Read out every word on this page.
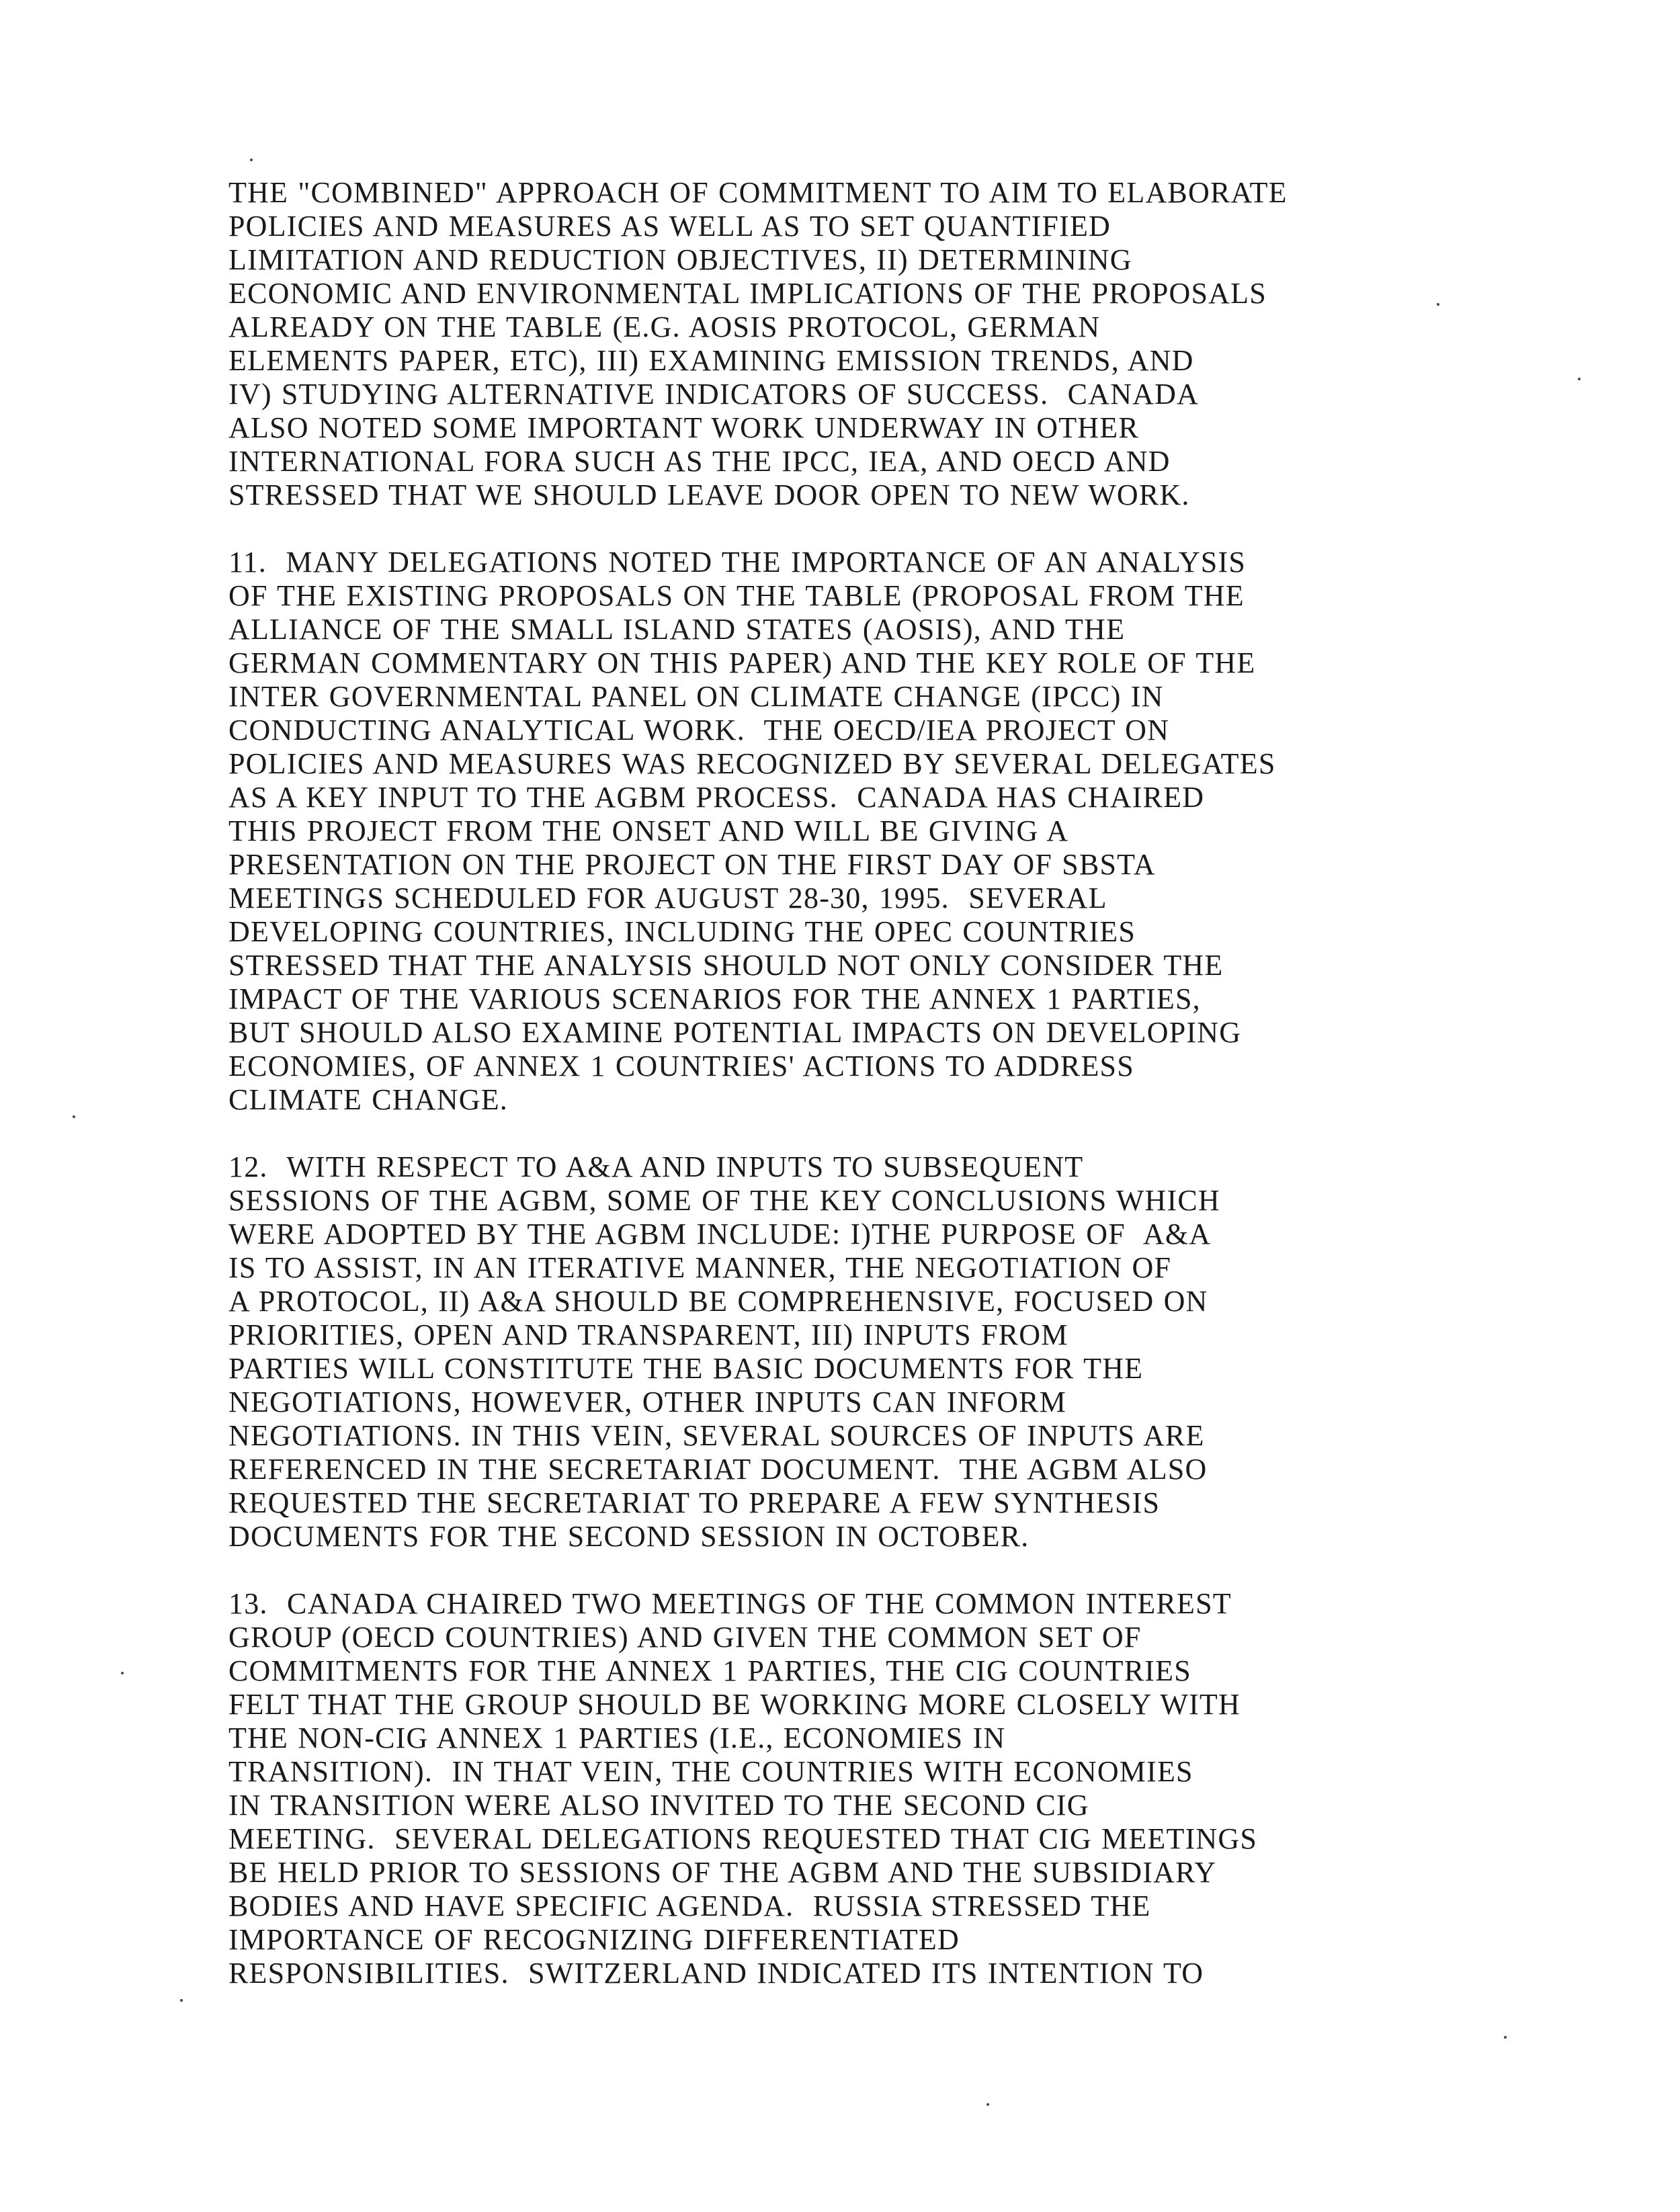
THE "COMBINED" APPROACH OF COMMITMENT TO AIM TO ELABORATE
POLICIES AND MEASURES AS WELL AS TO SET QUANTIFIED
LIMITATION AND REDUCTION OBJECTIVES, II) DETERMINING
ECONOMIC AND ENVIRONMENTAL IMPLICATIONS OF THE PROPOSALS
ALREADY ON THE TABLE (E.G. AOSIS PROTOCOL, GERMAN
ELEMENTS PAPER, ETC), III) EXAMINING EMISSION TRENDS, AND
IV) STUDYING ALTERNATIVE INDICATORS OF SUCCESS.  CANADA
ALSO NOTED SOME IMPORTANT WORK UNDERWAY IN OTHER
INTERNATIONAL FORA SUCH AS THE IPCC, IEA, AND OECD AND
STRESSED THAT WE SHOULD LEAVE DOOR OPEN TO NEW WORK.
11.  MANY DELEGATIONS NOTED THE IMPORTANCE OF AN ANALYSIS
OF THE EXISTING PROPOSALS ON THE TABLE (PROPOSAL FROM THE
ALLIANCE OF THE SMALL ISLAND STATES (AOSIS), AND THE
GERMAN COMMENTARY ON THIS PAPER) AND THE KEY ROLE OF THE
INTER GOVERNMENTAL PANEL ON CLIMATE CHANGE (IPCC) IN
CONDUCTING ANALYTICAL WORK.  THE OECD/IEA PROJECT ON
POLICIES AND MEASURES WAS RECOGNIZED BY SEVERAL DELEGATES
AS A KEY INPUT TO THE AGBM PROCESS.  CANADA HAS CHAIRED
THIS PROJECT FROM THE ONSET AND WILL BE GIVING A
PRESENTATION ON THE PROJECT ON THE FIRST DAY OF SBSTA
MEETINGS SCHEDULED FOR AUGUST 28-30, 1995.  SEVERAL
DEVELOPING COUNTRIES, INCLUDING THE OPEC COUNTRIES
STRESSED THAT THE ANALYSIS SHOULD NOT ONLY CONSIDER THE
IMPACT OF THE VARIOUS SCENARIOS FOR THE ANNEX 1 PARTIES,
BUT SHOULD ALSO EXAMINE POTENTIAL IMPACTS ON DEVELOPING
ECONOMIES, OF ANNEX 1 COUNTRIES' ACTIONS TO ADDRESS
CLIMATE CHANGE.
12.  WITH RESPECT TO A&A AND INPUTS TO SUBSEQUENT
SESSIONS OF THE AGBM, SOME OF THE KEY CONCLUSIONS WHICH
WERE ADOPTED BY THE AGBM INCLUDE: I)THE PURPOSE OF  A&A
IS TO ASSIST, IN AN ITERATIVE MANNER, THE NEGOTIATION OF
A PROTOCOL, II) A&A SHOULD BE COMPREHENSIVE, FOCUSED ON
PRIORITIES, OPEN AND TRANSPARENT, III) INPUTS FROM
PARTIES WILL CONSTITUTE THE BASIC DOCUMENTS FOR THE
NEGOTIATIONS, HOWEVER, OTHER INPUTS CAN INFORM
NEGOTIATIONS. IN THIS VEIN, SEVERAL SOURCES OF INPUTS ARE
REFERENCED IN THE SECRETARIAT DOCUMENT.  THE AGBM ALSO
REQUESTED THE SECRETARIAT TO PREPARE A FEW SYNTHESIS
DOCUMENTS FOR THE SECOND SESSION IN OCTOBER.
13.  CANADA CHAIRED TWO MEETINGS OF THE COMMON INTEREST
GROUP (OECD COUNTRIES) AND GIVEN THE COMMON SET OF
COMMITMENTS FOR THE ANNEX 1 PARTIES, THE CIG COUNTRIES
FELT THAT THE GROUP SHOULD BE WORKING MORE CLOSELY WITH
THE NON-CIG ANNEX 1 PARTIES (I.E., ECONOMIES IN
TRANSITION).  IN THAT VEIN, THE COUNTRIES WITH ECONOMIES
IN TRANSITION WERE ALSO INVITED TO THE SECOND CIG
MEETING.  SEVERAL DELEGATIONS REQUESTED THAT CIG MEETINGS
BE HELD PRIOR TO SESSIONS OF THE AGBM AND THE SUBSIDIARY
BODIES AND HAVE SPECIFIC AGENDA.  RUSSIA STRESSED THE
IMPORTANCE OF RECOGNIZING DIFFERENTIATED
RESPONSIBILITIES.  SWITZERLAND INDICATED ITS INTENTION TO
